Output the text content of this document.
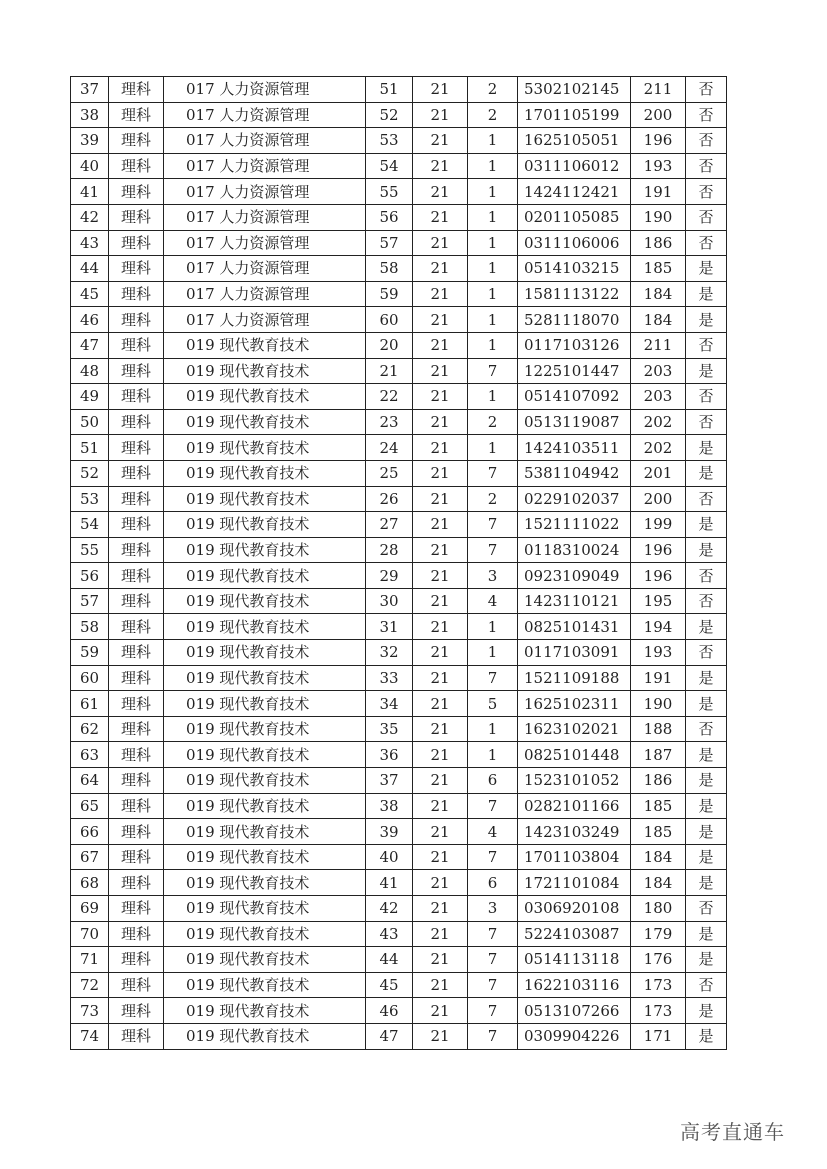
37	理科	017 人力资源管理	51	21	2	5302102145	211	否
38	理科	017 人力资源管理	52	21	2	1701105199	200	否
39	理科	017 人力资源管理	53	21	1	1625105051	196	否
40	理科	017 人力资源管理	54	21	1	0311106012	193	否
41	理科	017 人力资源管理	55	21	1	1424112421	191	否
42	理科	017 人力资源管理	56	21	1	0201105085	190	否
43	理科	017 人力资源管理	57	21	1	0311106006	186	否
44	理科	017 人力资源管理	58	21	1	0514103215	185	是
45	理科	017 人力资源管理	59	21	1	1581113122	184	是
46	理科	017 人力资源管理	60	21	1	5281118070	184	是
47	理科	019 现代教育技术	20	21	1	0117103126	211	否
48	理科	019 现代教育技术	21	21	7	1225101447	203	是
49	理科	019 现代教育技术	22	21	1	0514107092	203	否
50	理科	019 现代教育技术	23	21	2	0513119087	202	否
51	理科	019 现代教育技术	24	21	1	1424103511	202	是
52	理科	019 现代教育技术	25	21	7	5381104942	201	是
53	理科	019 现代教育技术	26	21	2	0229102037	200	否
54	理科	019 现代教育技术	27	21	7	1521111022	199	是
55	理科	019 现代教育技术	28	21	7	0118310024	196	是
56	理科	019 现代教育技术	29	21	3	0923109049	196	否
57	理科	019 现代教育技术	30	21	4	1423110121	195	否
58	理科	019 现代教育技术	31	21	1	0825101431	194	是
59	理科	019 现代教育技术	32	21	1	0117103091	193	否
60	理科	019 现代教育技术	33	21	7	1521109188	191	是
61	理科	019 现代教育技术	34	21	5	1625102311	190	是
62	理科	019 现代教育技术	35	21	1	1623102021	188	否
63	理科	019 现代教育技术	36	21	1	0825101448	187	是
64	理科	019 现代教育技术	37	21	6	1523101052	186	是
65	理科	019 现代教育技术	38	21	7	0282101166	185	是
66	理科	019 现代教育技术	39	21	4	1423103249	185	是
67	理科	019 现代教育技术	40	21	7	1701103804	184	是
68	理科	019 现代教育技术	41	21	6	1721101084	184	是
69	理科	019 现代教育技术	42	21	3	0306920108	180	否
70	理科	019 现代教育技术	43	21	7	5224103087	179	是
71	理科	019 现代教育技术	44	21	7	0514113118	176	是
72	理科	019 现代教育技术	45	21	7	1622103116	173	否
73	理科	019 现代教育技术	46	21	7	0513107266	173	是
74	理科	019 现代教育技术	47	21	7	0309904226	171	是
高考直通车
